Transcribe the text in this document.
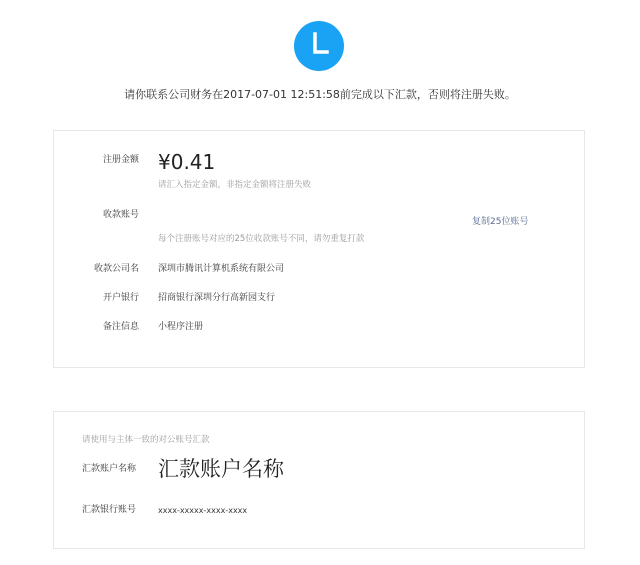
请你联系公司财务在2017-07-01 12:51:58前完成以下汇款，否则将注册失败。
注册金额 ¥0.41
请汇入指定金额，非指定金额将注册失败
收款账号
复制25位账号
每个注册账号对应的25位收款账号不同，请勿重复打款
收款公司名 深圳市腾讯计算机系统有限公司
开户银行 招商银行深圳分行高新园支行
备注信息 小程序注册
请使用与主体一致的对公账号汇款
汇款账户名称 汇款账户名称
汇款银行账号	xxxx-xxxxx-xxxx-xxxx
